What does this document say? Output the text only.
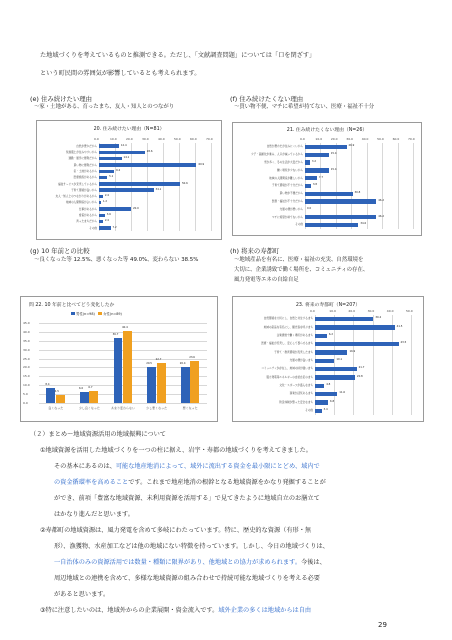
た地域づくりを考えているものと推測できる。ただし、「文献調査問題」については「口を閉ざす」
という町民間の雰囲気が影響しているとも考えられます。
(e) 住み続けたい理由
～家・土地がある、育ったまち、友人・知人とのつながり
(f) 住み続けたくない理由
～買い物不便、マチに希望が持てない、医療・福祉不十分
20. 住み続けたい理由（N=81）
0.0	10.0	20.0	30.0	40.0	50.0	60.0	70.0
自然が豊かだから	12.4
気候風土が住みやすいから	28.6
通勤・通学に便利だから	14.1
買い物に便利だから	60.9
家・土地があるから	9.4
医療施設があるから	5.1
福祉サービスが充実しているから	50.6
子育て環境が良いから	34.1
友人・知人とのつながりがあるから	2.4
地域の人間関係がよいから 1.2
仕事があるから	20.0
愛着があるから	3.6
育ったまちだから	2.4
その他	7.2
21. 住み続けたくない理由（N=26）
0.0	10.0	20.0	30.0	40.0	50.0	60.0	70.0
自然が豊かだが住みにくいから	26.9
少子・高齢化が進み、人口が減っているから	15.4
雪が多く、冬の生活が大変だから	3.2
働く場所が少ないから	15.4
地域の人間関係が難しいから	7.7
子育て環境が不十分だから	3.8
買い物が不便だから	30.8
医療・福祉が不十分だから	46.2
交通の便が悪いから 0.0
マチに希望が持てないから	46.2
その他	34.6
(g) 10 年前との比較
～良くなった等 12.5%、悪くなった等 49.0%、変わらない 38.5%
(h) 将来の寿都町
～地域産品を有名に、医療・福祉の充実、自然環境を
大切に、企業誘致で働く場所を、コミュニティの存在、
風力発電等エネの自給自足
問 22. 10 年前と比べてどう変化したか
男性(n=98) 女性(n=89)
0.0
5.0
10.0
15.0
20.0
25.0
30.0
35.0
40.0
45.0
8.4
4.5
良くなった
6.0 6.7
少し良くなった
36.7
40.4
あまり変わらない
20.5
22.7
少し悪くなった
20.4
23.6
悪くなった
23. 将来の寿都町（N=207）
0.0	10.0	20.0	30.0	40.0	50.0
自然環境を大切にし、自然と共生するまち	30.4
地域の産品を有名にし、観光客を呼ぶまち	41.5
企業誘致で働く場所があるまち	6.2
医療・福祉が充実し、安心して暮らせるまち	43.5
子育て・教育環境が充実したまち	16.9
交通の便が良いまち	10.1
コミュニティが存在し、地域の絆が強いまち	21.7
風力発電等エネルギーの自給自足のまち	20.8
文化・スポーツが盛んなまち	4.8
商業が活気あるまち	11.6
防災体制が整った安全なまち	6.8
その他	3.4
（２）まとめ～地域資源活用の地域振興について
①地域資源を活用した地域づくりを一つの柱に据え、岩宇・寿都の地域づくりを考えてきました。
その基本にあるのは、可能な地産地消によって、域外に流出する資金を最小限にとどめ、域内で
の資金循環率を高めることです。これまで地産地消の根幹となる地域資源をかなり発掘することが
ができ、前項「豊富な地域資源、未利用資源を活用する」で見てきたように地域自立のお膳立て
はかなり進んだと思います。
②寿都町の地域資源は、風力発電を含めて多岐にわたっています。特に、歴史的な資源（有形・無
形）、漁獲物、水産加工などは他の地域にない特徴を持っています。しかし、今日の地域づくりは、
一自治体のみの資源活用では数量・種類に限界があり、他地域との協力が求められます。今後は、
周辺地域との連携を含めて、多様な地域資源の組み合わせで持続可能な地域づくりを考える必要
があると思います。
③特に注意したいのは、地域外からの企業展開・資金流入です。域外企業の多くは地域からは自由
29
